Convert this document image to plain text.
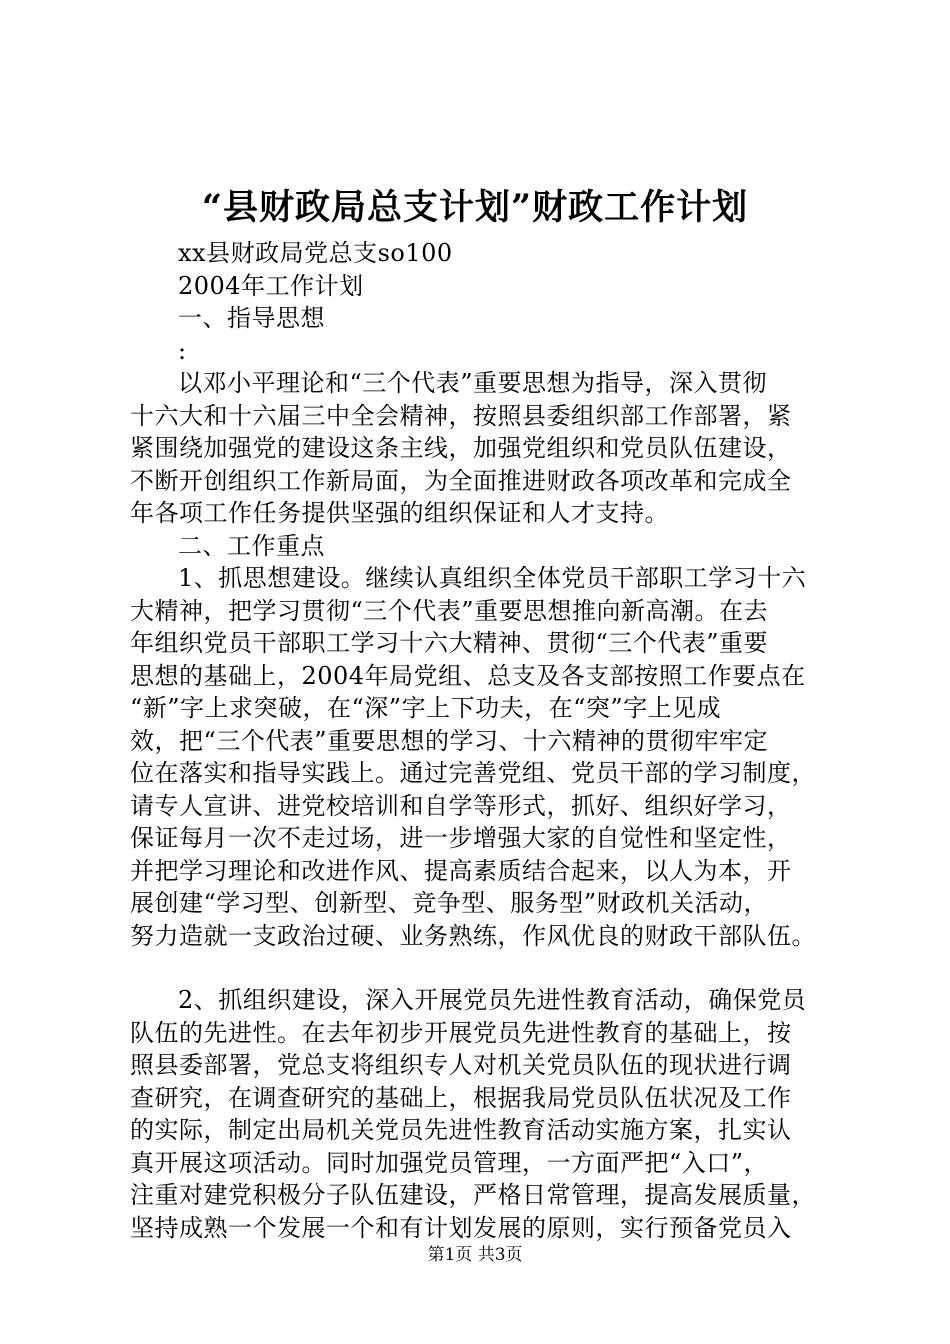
“县财政局总支计划”财政工作计划
xx县财政局党总支so100
2004年工作计划
一、指导思想
:
以邓小平理论和“三个代表”重要思想为指导，深入贯彻
十六大和十六届三中全会精神，按照县委组织部工作部署，紧
紧围绕加强党的建设这条主线，加强党组织和党员队伍建设，
不断开创组织工作新局面，为全面推进财政各项改革和完成全
年各项工作任务提供坚强的组织保证和人才支持。
二、工作重点
1、抓思想建设。继续认真组织全体党员干部职工学习十六
大精神，把学习贯彻“三个代表”重要思想推向新高潮。在去
年组织党员干部职工学习十六大精神、贯彻“三个代表”重要
思想的基础上，2004年局党组、总支及各支部按照工作要点在
“新”字上求突破，在“深”字上下功夫，在“突”字上见成
效，把“三个代表”重要思想的学习、十六精神的贯彻牢牢定
位在落实和指导实践上。通过完善党组、党员干部的学习制度，
请专人宣讲、进党校培训和自学等形式，抓好、组织好学习，
保证每月一次不走过场，进一步增强大家的自觉性和坚定性，
并把学习理论和改进作风、提高素质结合起来，以人为本，开
展创建“学习型、创新型、竞争型、服务型”财政机关活动，
努力造就一支政治过硬、业务熟练，作风优良的财政干部队伍。
2、抓组织建设，深入开展党员先进性教育活动，确保党员
队伍的先进性。在去年初步开展党员先进性教育的基础上，按
照县委部署，党总支将组织专人对机关党员队伍的现状进行调
查研究，在调查研究的基础上，根据我局党员队伍状况及工作
的实际，制定出局机关党员先进性教育活动实施方案，扎实认
真开展这项活动。同时加强党员管理，一方面严把“入口”，
注重对建党积极分子队伍建设，严格日常管理，提高发展质量，
坚持成熟一个发展一个和有计划发展的原则，实行预备党员入
第1页 共3页
